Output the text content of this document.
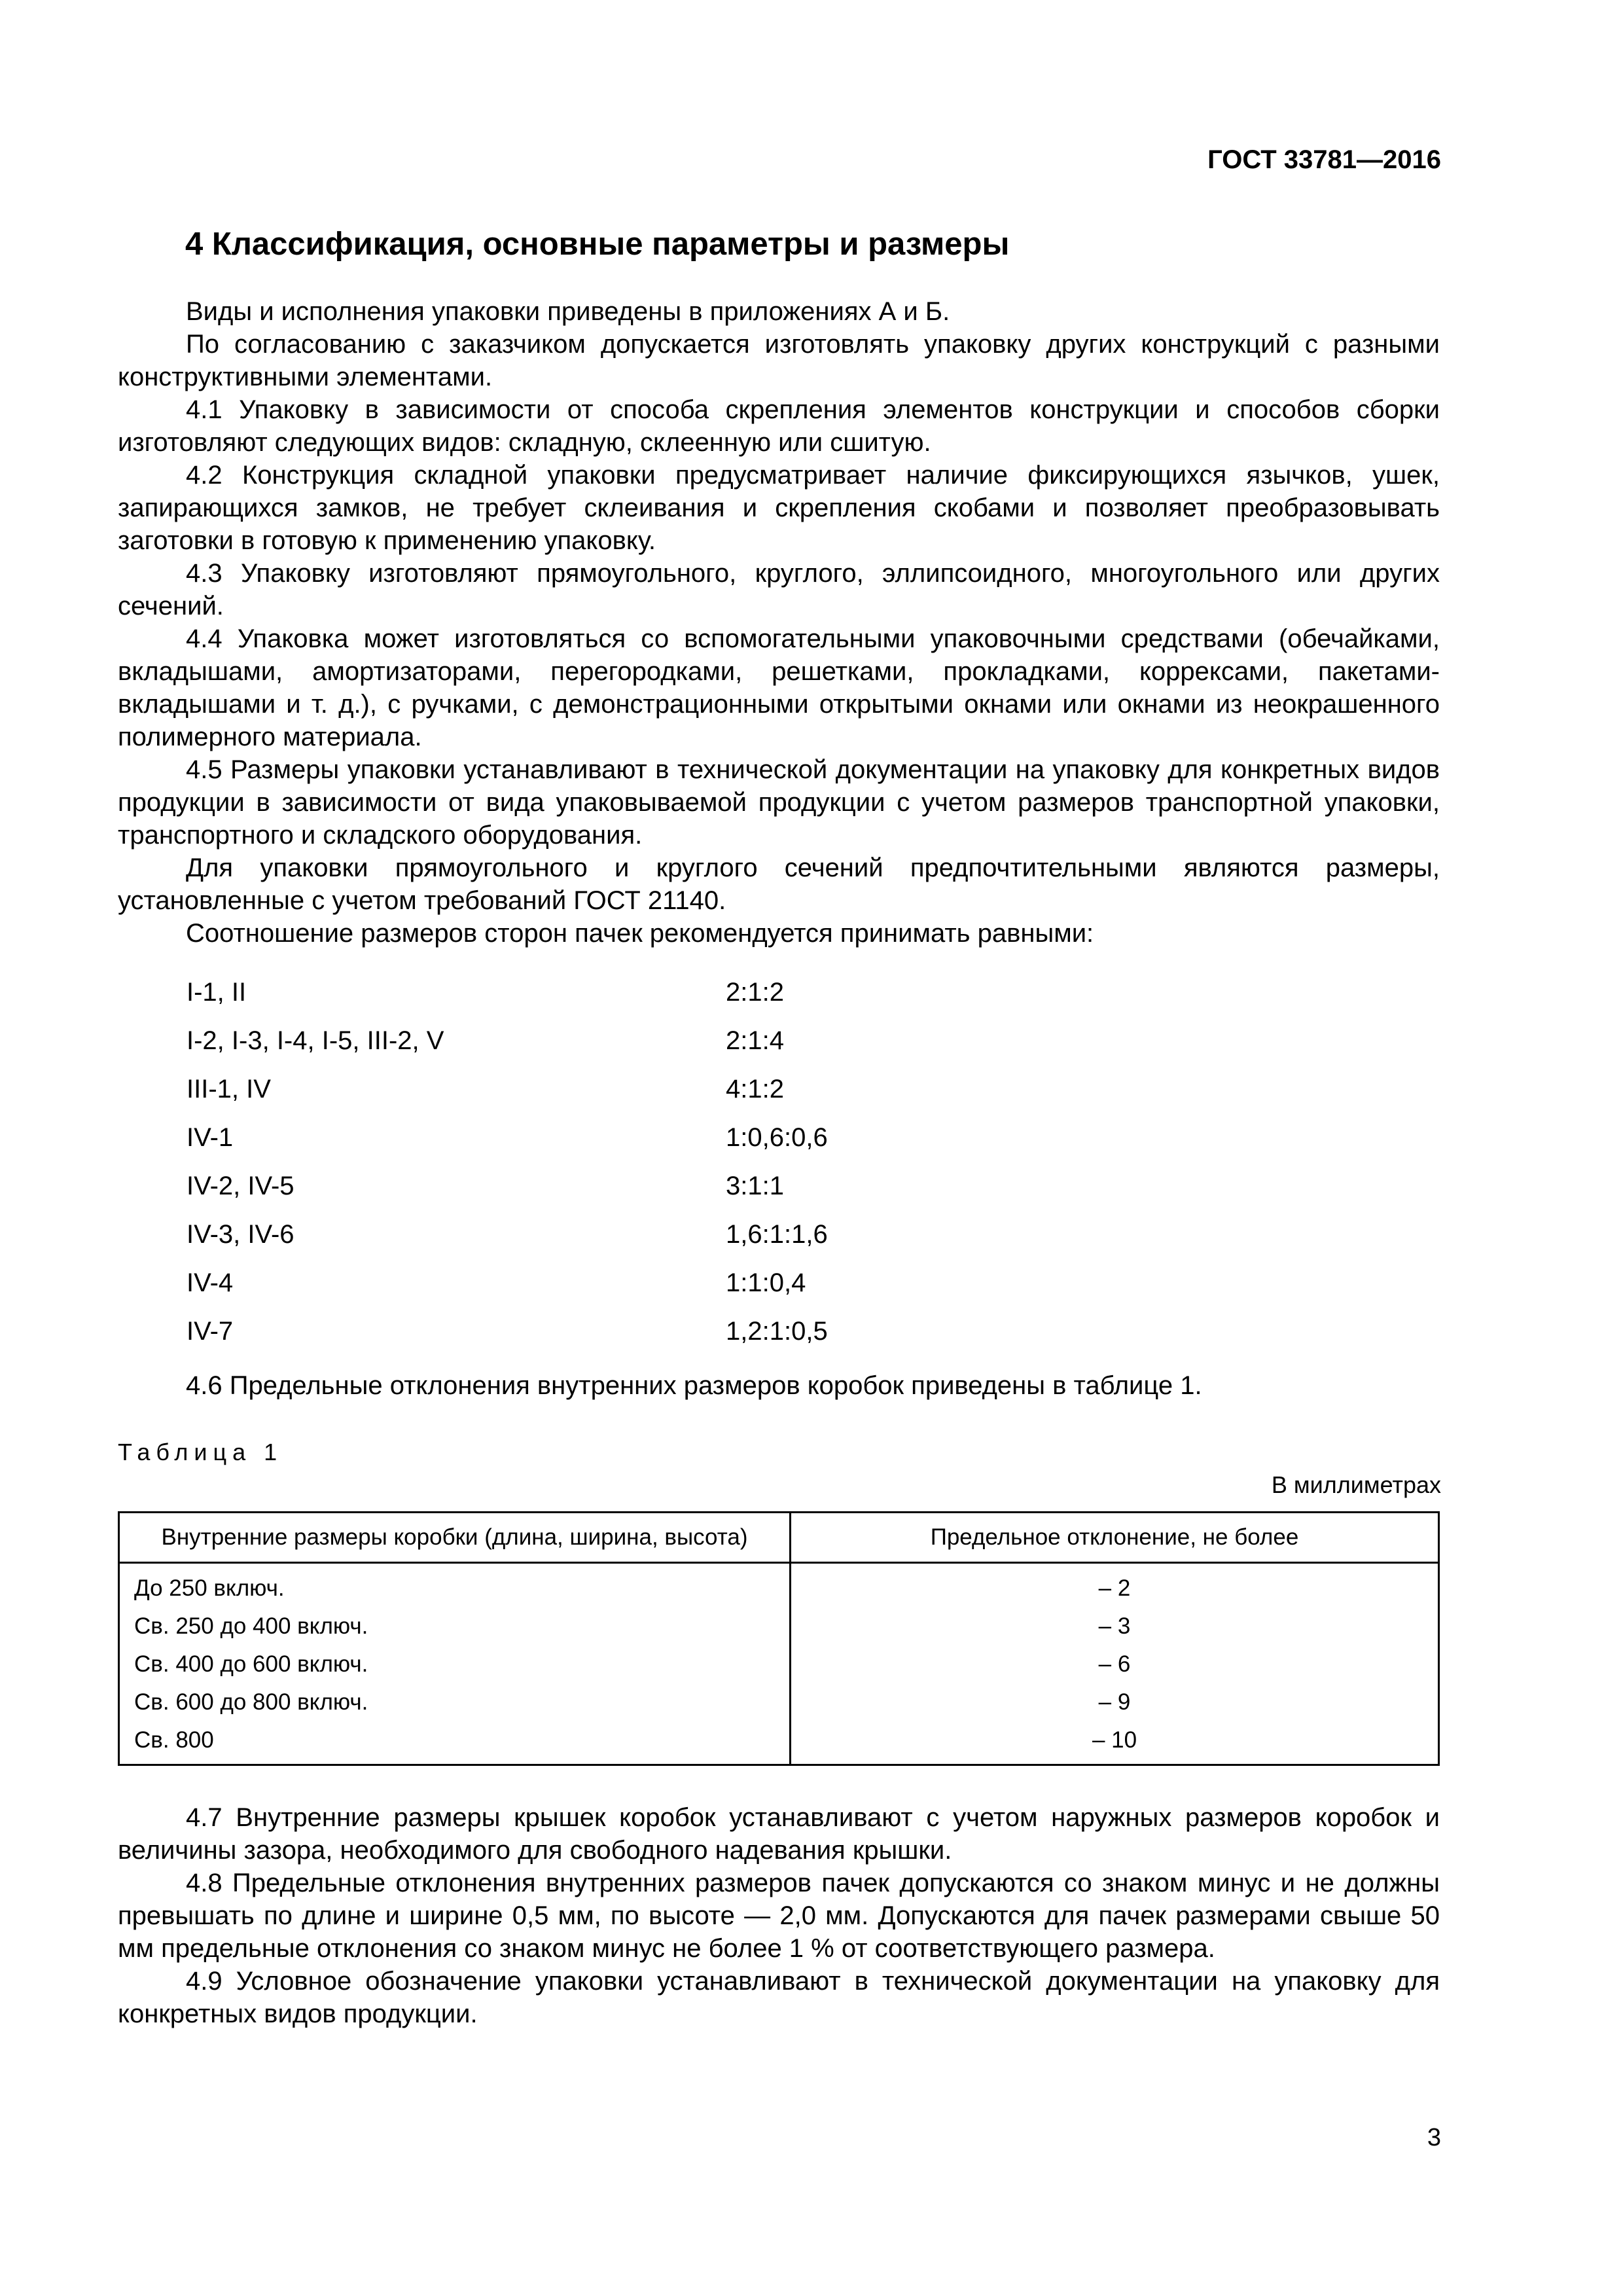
ГОСТ 33781—2016
4 Классификация, основные параметры и размеры

Виды и исполнения упаковки приведены в приложениях А и Б.

По согласованию с заказчиком допускается изготовлять упаковку других конструкций с разными конструктивными элементами.

4.1 Упаковку в зависимости от способа скрепления элементов конструкции и способов сборки изготовляют следующих видов: складную, склеенную или сшитую.

4.2 Конструкция складной упаковки предусматривает наличие фиксирующихся язычков, ушек, запирающихся замков, не требует склеивания и скрепления скобами и позволяет преобразовывать заготовки в готовую к применению упаковку.

4.3 Упаковку изготовляют прямоугольного, круглого, эллипсоидного, многоугольного или других сечений.

4.4 Упаковка может изготовляться со вспомогательными упаковочными средствами (обечайками, вкладышами, амортизаторами, перегородками, решетками, прокладками, коррексами, пакетами-вкладышами и т. д.), с ручками, с демонстрационными открытыми окнами или окнами из неокрашенного полимерного материала.

4.5 Размеры упаковки устанавливают в технической документации на упаковку для конкретных видов продукции в зависимости от вида упаковываемой продукции с учетом размеров транспортной упаковки, транспортного и складского оборудования.

Для упаковки прямоугольного и круглого сечений предпочтительными являются размеры, установленные с учетом требований ГОСТ 21140.

Соотношение размеров сторон пачек рекомендуется принимать равными:

I-1, II	2:1:2
I-2, I-3, I-4, I-5, III-2, V	2:1:4
III-1, IV	4:1:2
IV-1	1:0,6:0,6
IV-2, IV-5	3:1:1
IV-3, IV-6	1,6:1:1,6
IV-4	1:1:0,4
IV-7	1,2:1:0,5

4.6 Предельные отклонения внутренних размеров коробок приведены в таблице 1.

Таблица 1
В миллиметрах
Внутренние размеры коробки (длина, ширина, высота)	Предельное отклонение, не более
До 250 включ.	– 2
Св. 250 до 400 включ.	– 3
Св. 400 до 600 включ.	– 6
Св. 600 до 800 включ.	– 9
Св. 800	– 10

4.7 Внутренние размеры крышек коробок устанавливают с учетом наружных размеров коробок и величины зазора, необходимого для свободного надевания крышки.

4.8 Предельные отклонения внутренних размеров пачек допускаются со знаком минус и не должны превышать по длине и ширине 0,5 мм, по высоте — 2,0 мм. Допускаются для пачек размерами свыше 50 мм предельные отклонения со знаком минус не более 1 % от соответствующего размера.

4.9 Условное обозначение упаковки устанавливают в технической документации на упаковку для конкретных видов продукции.

3
